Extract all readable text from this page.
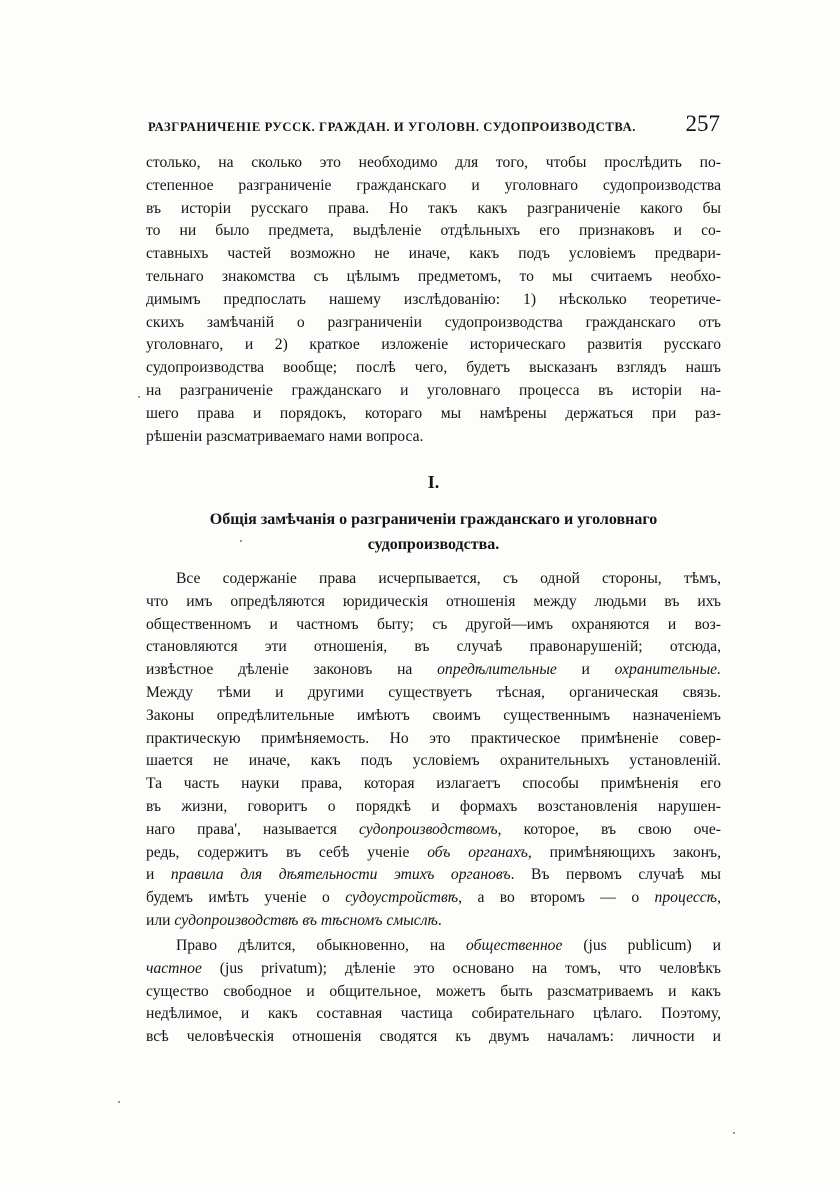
РАЗГРАНИЧЕНІЕ РУССК. ГРАЖДАН. И УГОЛОВН. СУДОПРОИЗВОДСТВА. 257
столько, на сколько это необходимо для того, чтобы прослѣдить по-
степенное разграниченіе гражданскаго и уголовнаго судопроизводства
въ исторіи русскаго права. Но такъ какъ разграниченіе какого бы
то ни было предмета, выдѣленіе отдѣльныхъ его признаковъ и со-
ставныхъ частей возможно не иначе, какъ подъ условіемъ предвари-
тельнаго знакомства съ цѣлымъ предметомъ, то мы считаемъ необхо-
димымъ предпослать нашему изслѣдованію: 1) нѣсколько теоретиче-
скихъ замѣчаній о разграниченіи судопроизводства гражданскаго отъ
уголовнаго, и 2) краткое изложеніе историческаго развитія русскаго
судопроизводства вообще; послѣ чего, будетъ высказанъ взглядъ нашъ
на разграниченіе гражданскаго и уголовнаго процесса въ исторіи на-
шего права и порядокъ, котораго мы намѣрены держаться при раз-
рѣшеніи разсматриваемаго нами вопроса.
I.
Общія замѣчанія о разграниченіи гражданскаго и уголовнаго
судопроизводства.
Все содержаніе права исчерпывается, съ одной стороны, тѣмъ,
что имъ опредѣляются юридическія отношенія между людьми въ ихъ
общественномъ и частномъ быту; съ другой—имъ охраняются и воз-
становляются эти отношенія, въ случаѣ правонарушеній; отсюда,
извѣстное дѣленіе законовъ на опредѣлительные и охранительные.
Между тѣми и другими существуетъ тѣсная, органическая связь.
Законы опредѣлительные имѣютъ своимъ существеннымъ назначеніемъ
практическую примѣняемость. Но это практическое примѣненіе совер-
шается не иначе, какъ подъ условіемъ охранительныхъ установленій.
Та часть науки права, которая излагаетъ способы примѣненія его
въ жизни, говоритъ о порядкѣ и формахъ возстановленія нарушен-
наго права', называется судопроизводствомъ, которое, въ свою оче-
редь, содержитъ въ себѣ ученіе объ органахъ, примѣняющихъ законъ,
и правила для дѣятельности этихъ органовъ. Въ первомъ случаѣ мы
будемъ имѣть ученіе о судоустройствѣ, а во второмъ — о процессѣ,
или судопроизводствѣ въ тѣсномъ смыслѣ.
Право дѣлится, обыкновенно, на общественное (jus publicum) и
частное (jus privatum); дѣленіе это основано на томъ, что человѣкъ
существо свободное и общительное, можетъ быть разсматриваемъ и какъ
недѣлимое, и какъ составная частица собирательнаго цѣлаго. Поэтому,
всѣ человѣческія отношенія сводятся къ двумъ началамъ: личности и
